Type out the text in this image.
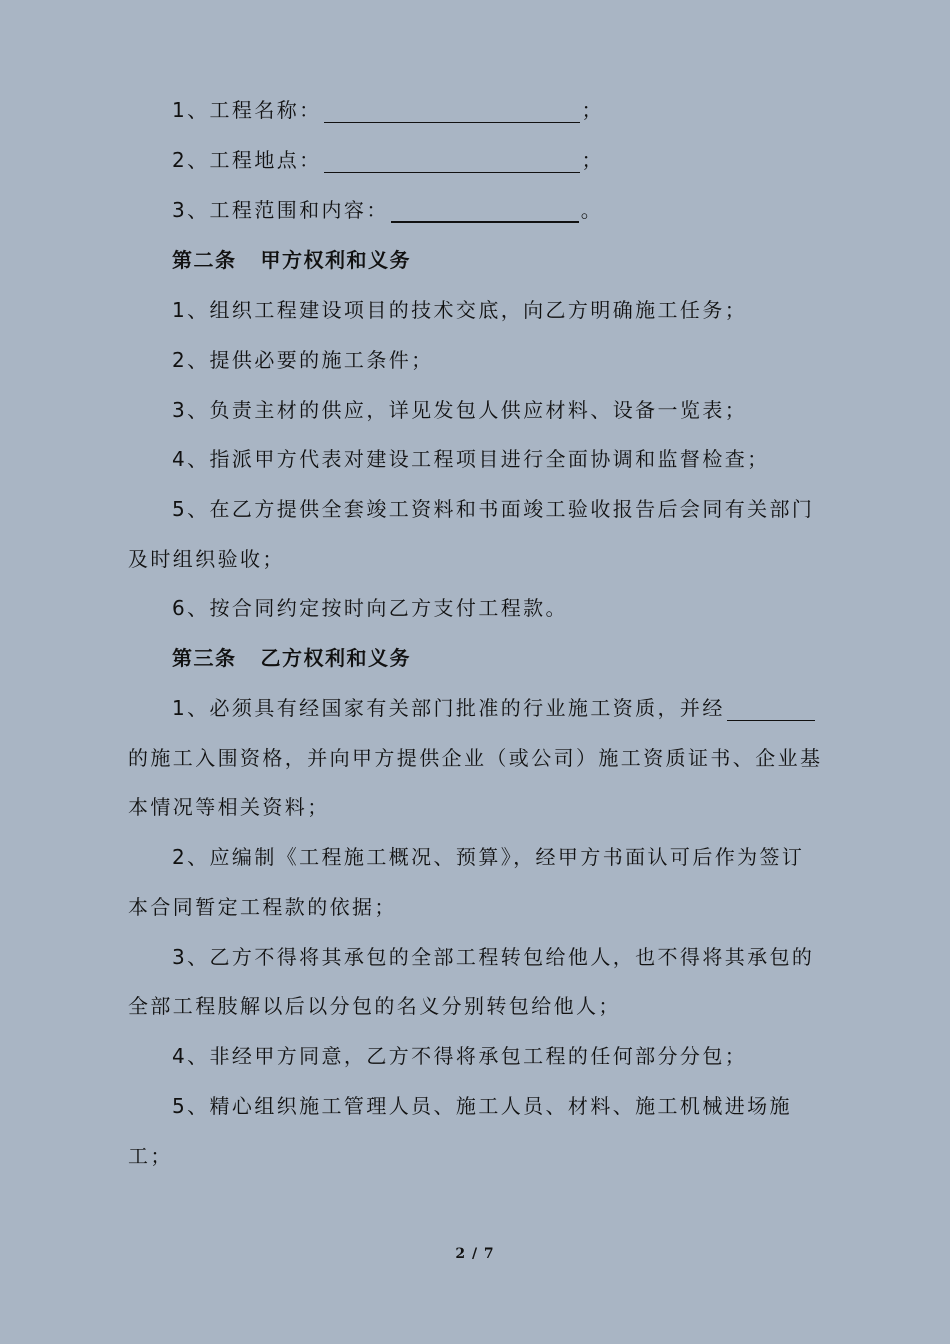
1、工程名称：	；
2、工程地点：	；
3、工程范围和内容：	。
第二条 甲方权利和义务
1、组织工程建设项目的技术交底，向乙方明确施工任务；
2、提供必要的施工条件；
3、负责主材的供应，详见发包人供应材料、设备一览表；
4、指派甲方代表对建设工程项目进行全面协调和监督检查；
5、在乙方提供全套竣工资料和书面竣工验收报告后会同有关部门
及时组织验收；
6、按合同约定按时向乙方支付工程款。
第三条 乙方权利和义务
1、必须具有经国家有关部门批准的行业施工资质，并经
的施工入围资格，并向甲方提供企业（或公司）施工资质证书、企业基
本情况等相关资料；
2、应编制《工程施工概况、预算》，经甲方书面认可后作为签订
本合同暂定工程款的依据；
3、乙方不得将其承包的全部工程转包给他人，也不得将其承包的
全部工程肢解以后以分包的名义分别转包给他人；
4、非经甲方同意，乙方不得将承包工程的任何部分分包；
5、精心组织施工管理人员、施工人员、材料、施工机械进场施
工；
2 / 7
